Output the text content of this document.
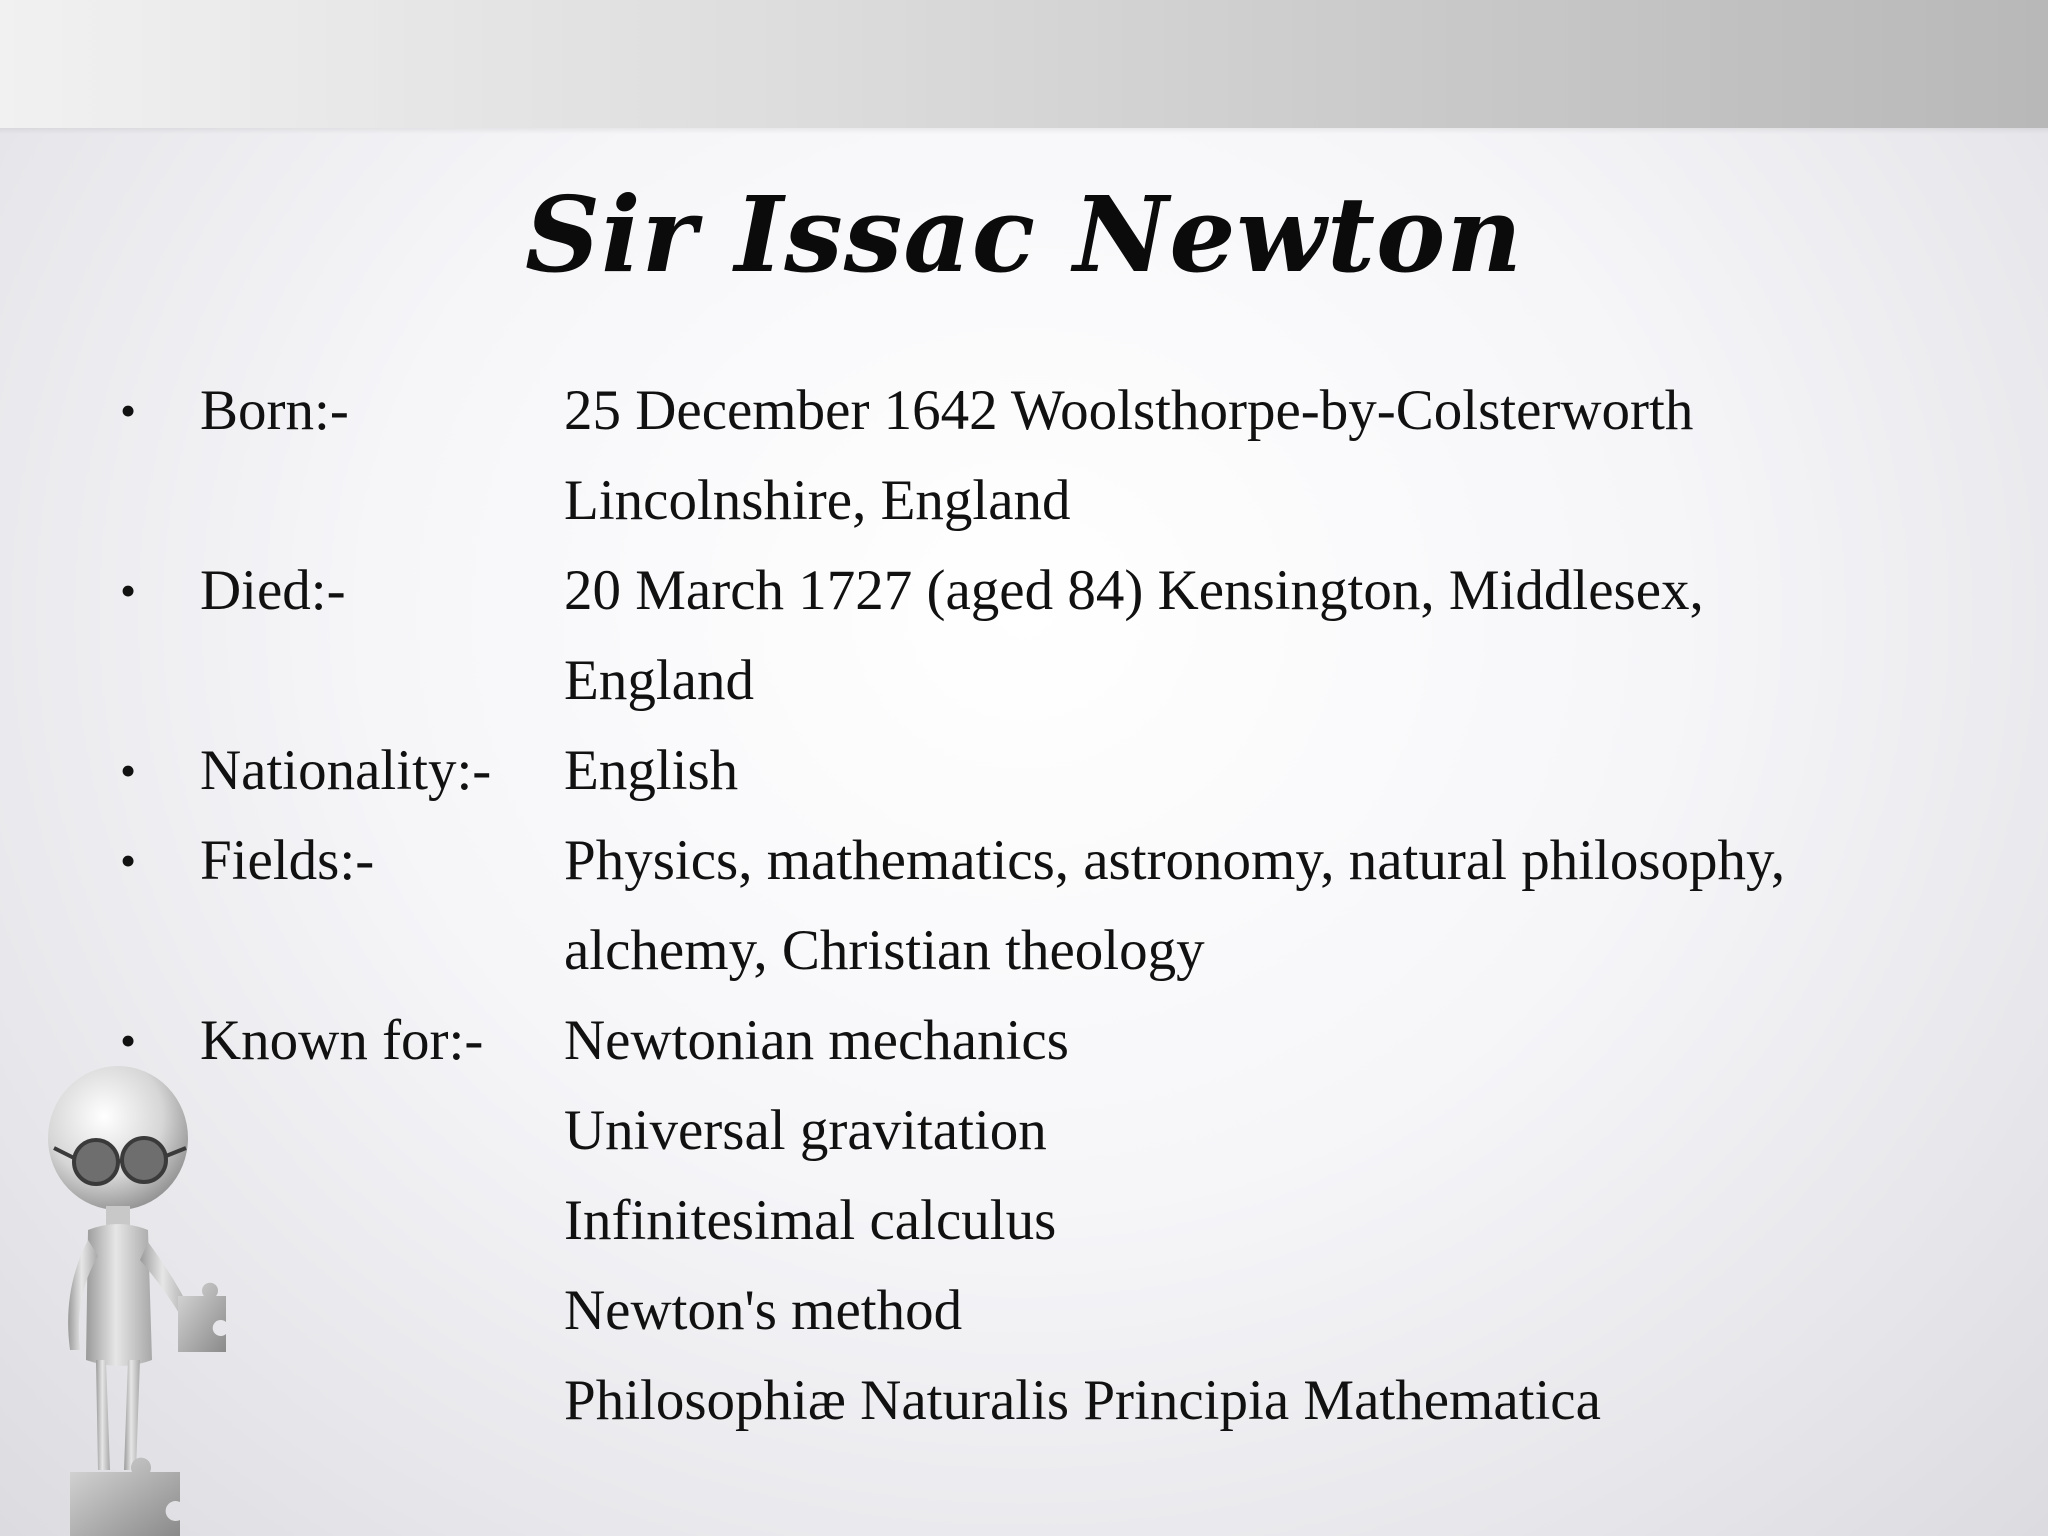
Sir Issac Newton
•	Born:-	25 December 1642 Woolsthorpe-by-Colsterworth
Lincolnshire, England
•	Died:-	20 March 1727 (aged 84) Kensington, Middlesex,
England
•	Nationality:-	English
•	Fields:-	Physics, mathematics, astronomy, natural philosophy,
alchemy, Christian theology
•	Known for:-	Newtonian mechanics
Universal gravitation
Infinitesimal calculus
Newton's method
Philosophiæ Naturalis Principia Mathematica
